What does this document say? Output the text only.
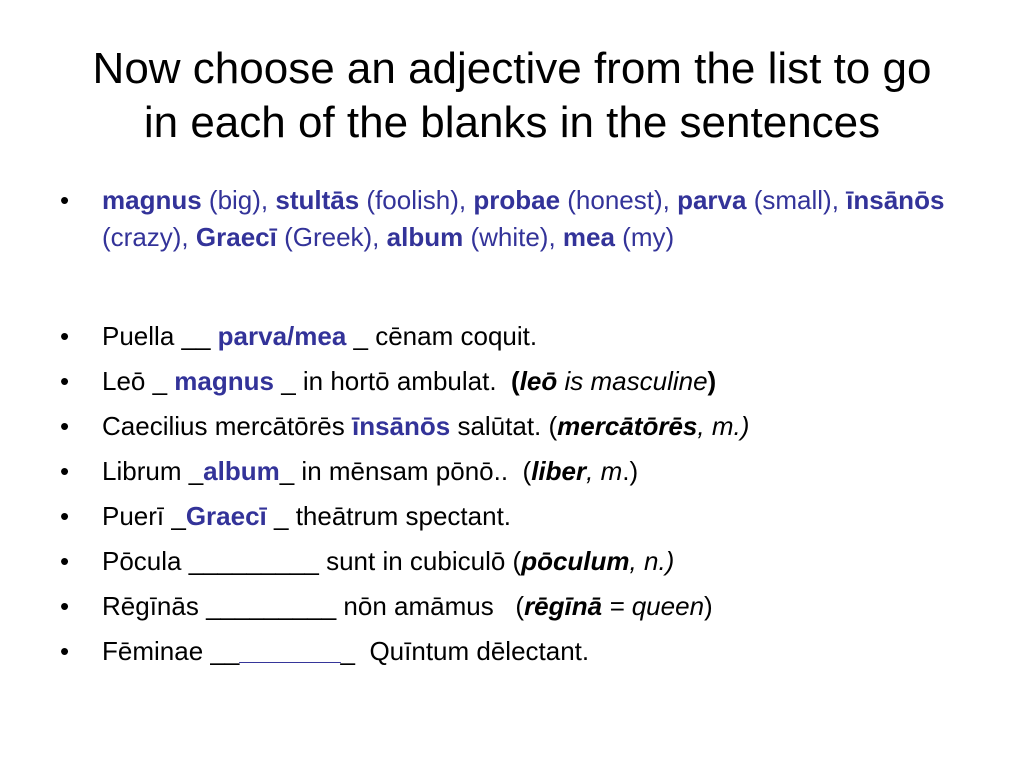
Now choose an adjective from the list to go
in each of the blanks in the sentences
• magnus (big), stultās (foolish), probae (honest), parva (small), īnsānōs (crazy), Graecī (Greek), album (white), mea (my)
• Puella __ parva/mea _ cēnam coquit.
• Leō _ magnus _ in hortō ambulat.  (leō is masculine)
• Caecilius mercātōrēs īnsānōs salūtat. (mercātōrēs, m.)
• Librum _album_ in mēnsam pōnō..  (liber, m.)
• Puerī _Graecī _ theātrum spectant.
• Pōcula _________ sunt in cubiculō (pōculum, n.)
• Rēgīnās _________ nōn amāmus   (rēgīnā = queen)
• Fēminae __________  Quīntum dēlectant.
